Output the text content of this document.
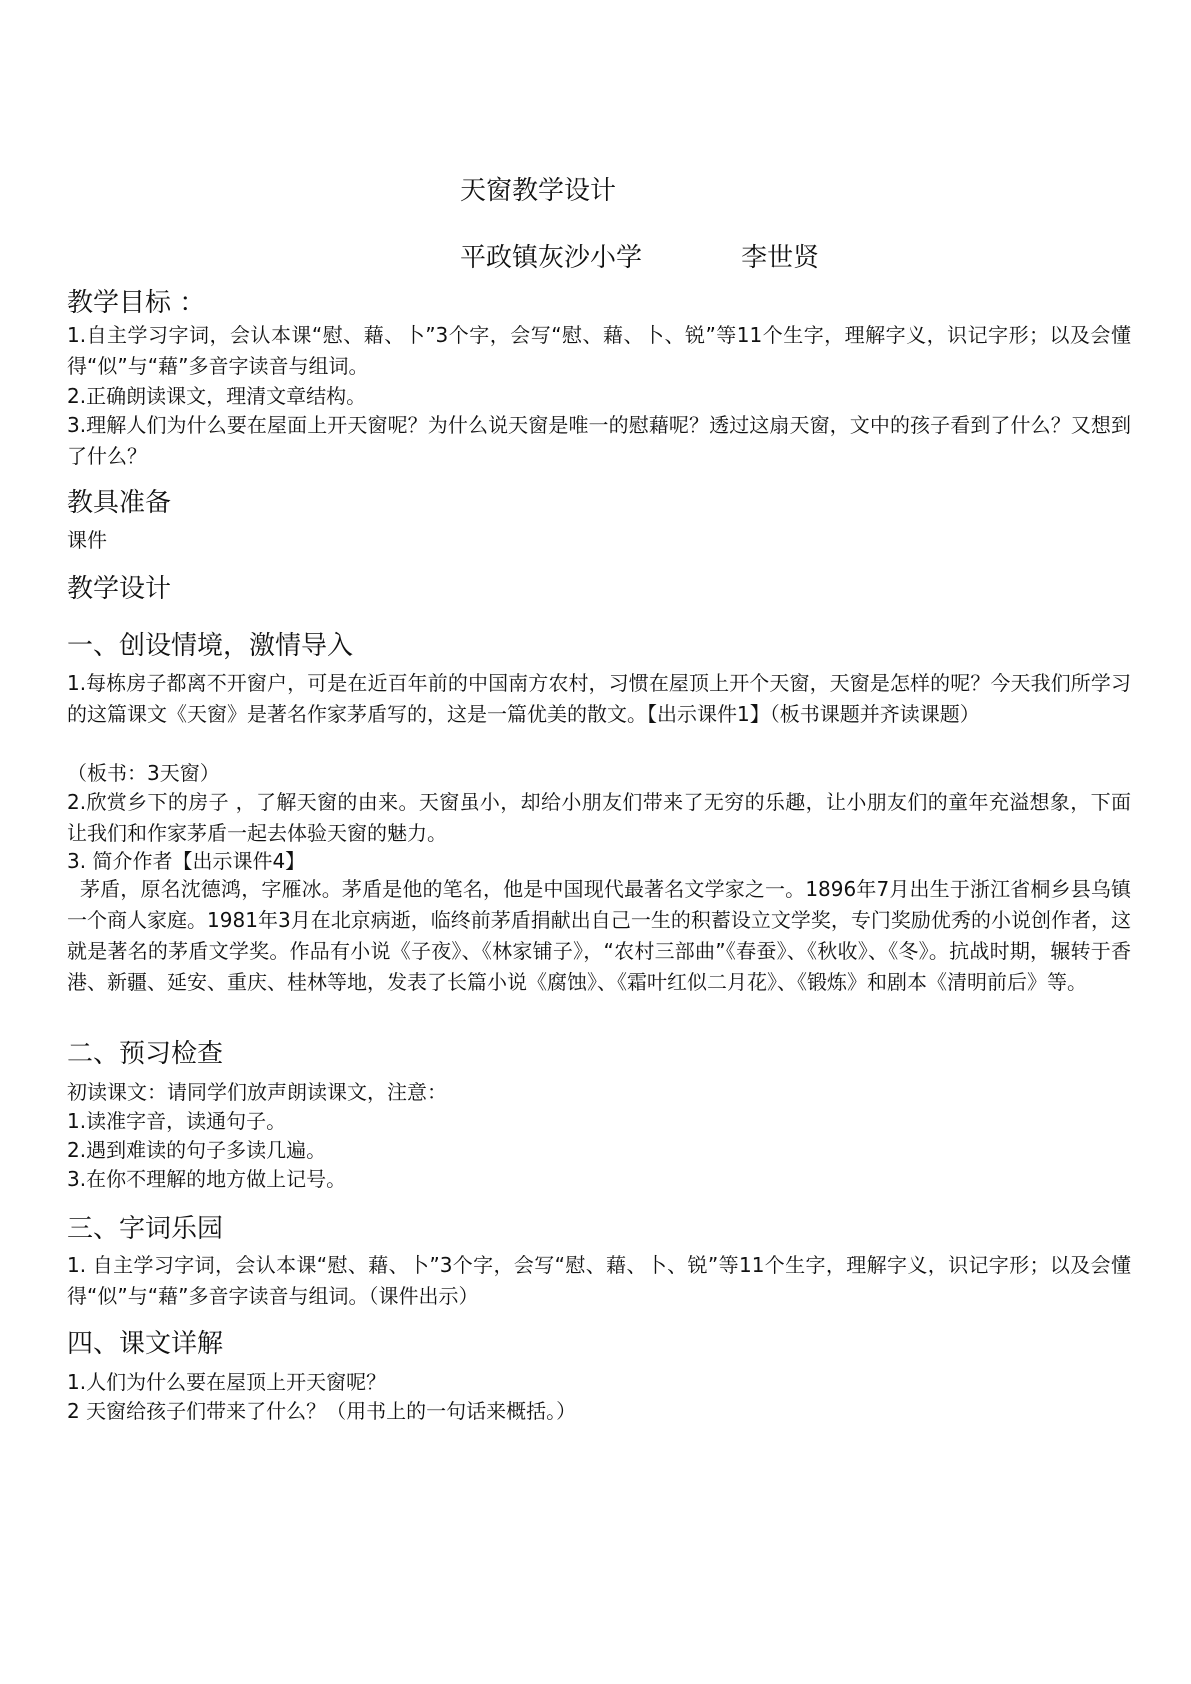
天窗教学设计
平政镇灰沙小学            李世贤
教学目标 ：
1.自主学习字词，会认本课“慰、藉、卜”3个字，会写“慰、藉、卜、锐”等11个生字，理解字义，识记字形；以及会懂得“似”与“藉”多音字读音与组词。
2.正确朗读课文，理清文章结构。
3.理解人们为什么要在屋面上开天窗呢？为什么说天窗是唯一的慰藉呢？透过这扇天窗，文中的孩子看到了什么？又想到了什么？
教具准备
课件
教学设计
一、创设情境，激情导入
1.每栋房子都离不开窗户，可是在近百年前的中国南方农村，习惯在屋顶上开个天窗，天窗是怎样的呢？今天我们所学习的这篇课文《天窗》是著名作家茅盾写的，这是一篇优美的散文。【出示课件1】（板书课题并齐读课题）
（板书：3天窗）
2.欣赏乡下的房子 ，了解天窗的由来。天窗虽小，却给小朋友们带来了无穷的乐趣，让小朋友们的童年充溢想象，下面让我们和作家茅盾一起去体验天窗的魅力。
3. 简介作者【出示课件4】
茅盾，原名沈德鸿，字雁冰。茅盾是他的笔名，他是中国现代最著名文学家之一。1896年7月出生于浙江省桐乡县乌镇一个商人家庭。1981年3月在北京病逝，临终前茅盾捐献出自己一生的积蓄设立文学奖，专门奖励优秀的小说创作者，这就是著名的茅盾文学奖。作品有小说《子夜》、《林家铺子》，“农村三部曲”《春蚕》、《秋收》、《冬》。抗战时期，辗转于香港、新疆、延安、重庆、桂林等地，发表了长篇小说《腐蚀》、《霜叶红似二月花》、《锻炼》和剧本《清明前后》等。
二、预习检查
初读课文：请同学们放声朗读课文，注意：
1.读准字音，读通句子。
2.遇到难读的句子多读几遍。
3.在你不理解的地方做上记号。
三、字词乐园
1. 自主学习字词，会认本课“慰、藉、卜”3个字，会写“慰、藉、卜、锐”等11个生字，理解字义，识记字形；以及会懂得“似”与“藉”多音字读音与组词。（课件出示）
四、课文详解
1.人们为什么要在屋顶上开天窗呢？
2 天窗给孩子们带来了什么？（用书上的一句话来概括。）
